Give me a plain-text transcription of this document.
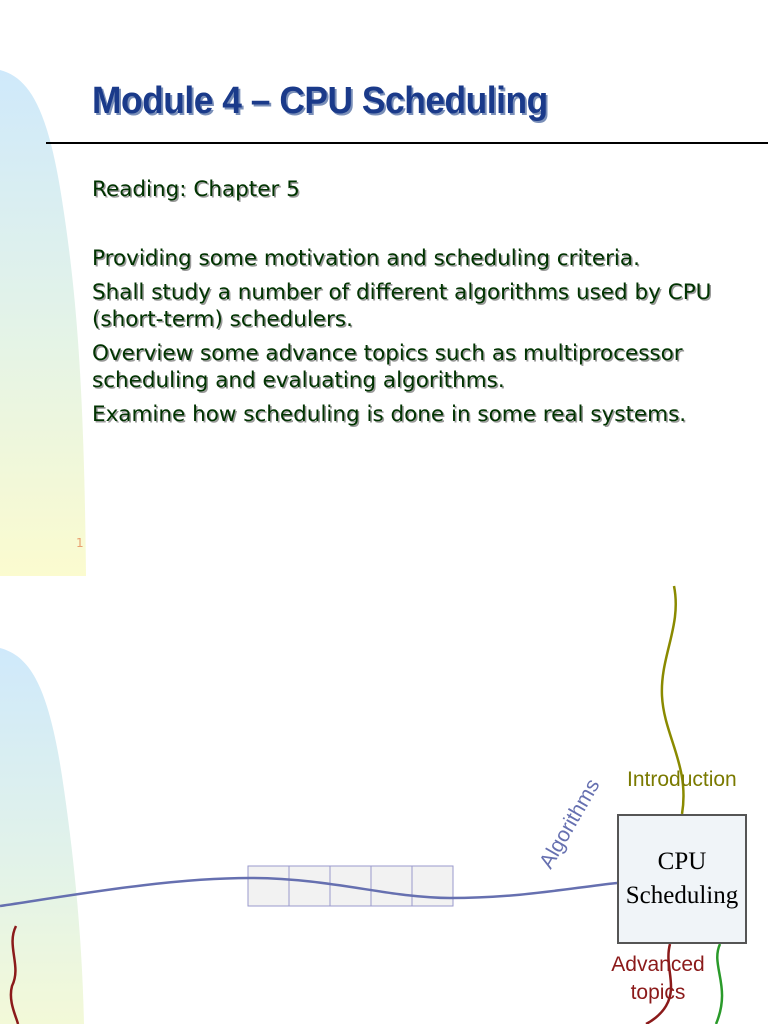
Module 4 – CPU Scheduling
Reading: Chapter 5
Providing some motivation and scheduling criteria.
Shall study a number of different algorithms used by CPU (short-term) schedulers.
Overview some advance topics such as multiprocessor scheduling and evaluating algorithms.
Examine how scheduling is done in some real systems.
1
Introduction
Algorithms CPU
Scheduling
Advanced
topics
